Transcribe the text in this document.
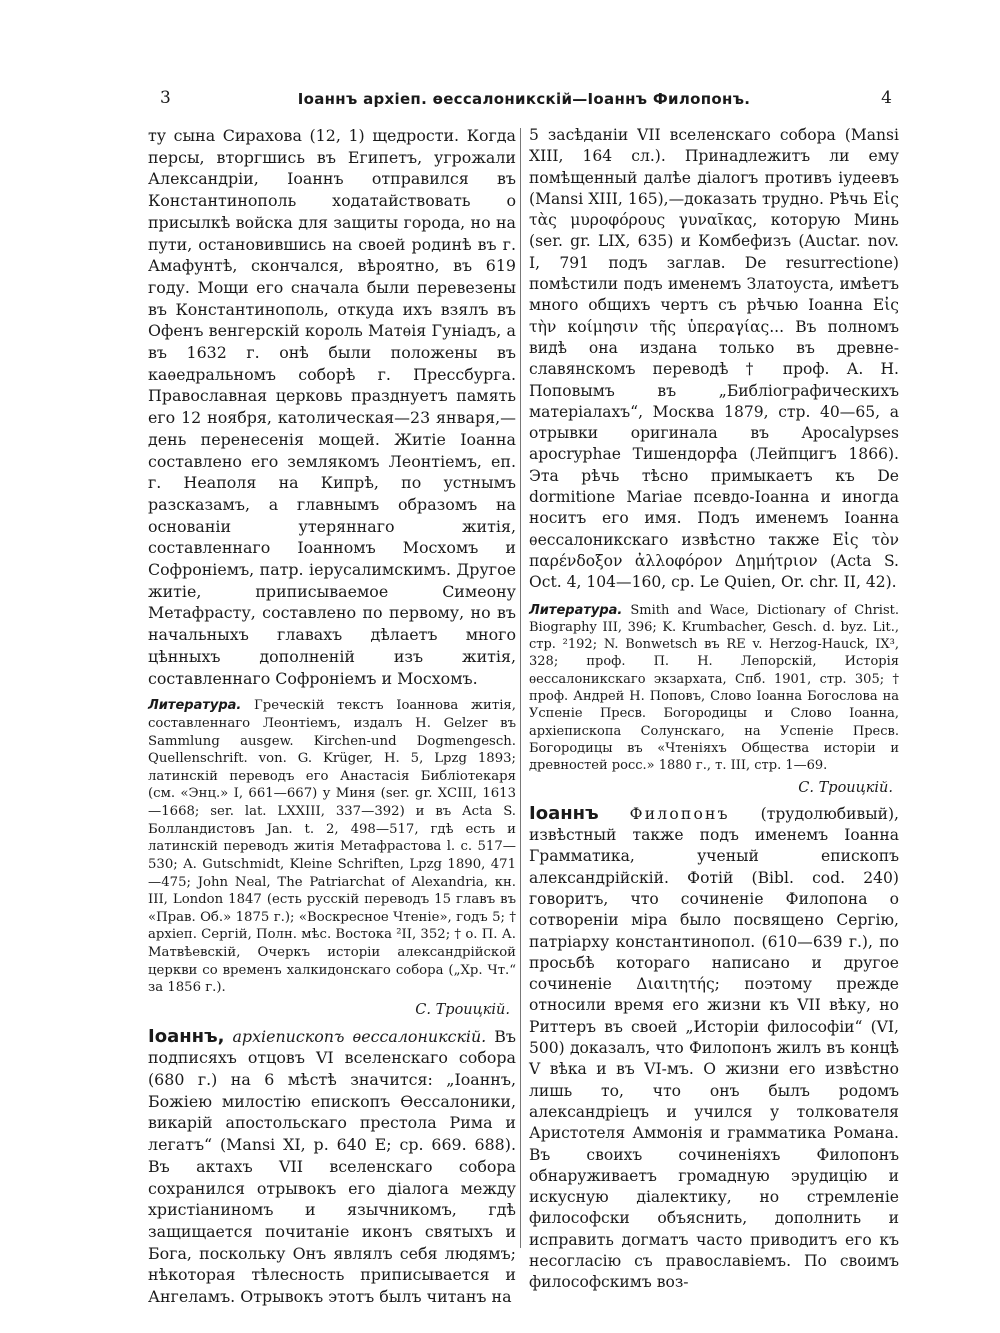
3	Іоаннъ архіеп. ѳессалоникскій—Іоаннъ Филопонъ.	4

ту сына Сирахова (12, 1) щедрости. Когда персы, вторгшись въ Египетъ, угрожали Александріи, Іоаннъ отправился въ Константинополь ходатайствовать о присылкѣ войска для защиты города, но на пути, остановившись на своей родинѣ въ г. Амафунтѣ, скончался, вѣроятно, въ 619 году. Мощи его сначала были перевезены въ Константинополь, откуда ихъ взялъ въ Офенъ венгерскій король Матѳія Гуніадъ, а въ 1632 г. онѣ были положены въ каѳедральномъ соборѣ г. Прессбурга. Православная церковь празднуетъ память его 12 ноября, католическая—23 января,—день перенесенія мощей. Житіе Іоанна составлено его землякомъ Леонтіемъ, еп. г. Неаполя на Кипрѣ, по устнымъ разсказамъ, а главнымъ образомъ на основаніи утеряннаго житія, составленнаго Іоанномъ Мосхомъ и Софроніемъ, патр. іерусалимскимъ. Другое житіе, приписываемое Симеону Метафрасту, составлено по первому, но въ начальныхъ главахъ дѣлаетъ много цѣнныхъ дополненій изъ житія, составленнаго Софроніемъ и Мосхомъ.

Литература. Греческій текстъ Іоаннова житія, составленнаго Леонтіемъ, издалъ H. Gelzer въ Sammlung ausgew. Kirchen-und Dogmengesch. Quellenschrift. von. G. Krüger, H. 5, Lpzg 1893; латинскій переводъ его Анастасія Библіотекаря (см. «Энц.» I, 661—667) у Миня (ser. gr. XCIII, 1613—1668; ser. lat. LXXIII, 337—392) и въ Acta S. Болландистовъ Jan. t. 2, 498—517, гдѣ есть и латинскій переводъ житія Метафрастова l. c. 517—530; A. Gutschmidt, Kleine Schriften, Lpzg 1890, 471—475; John Neal, The Patriarchat of Alexandria, кн. III, London 1847 (есть русскій переводъ 15 главъ въ «Прав. Об.» 1875 г.); «Воскресное Чтеніе», годъ 5; † архіеп. Сергій, Полн. мѣс. Востока ²II, 352; † о. П. А. Матвѣевскій, Очеркъ исторіи александрійской церкви со временъ халкидонскаго собора („Хр. Чт.“ за 1856 г.).

С. Троицкій.

Іоаннъ, архіепископъ ѳессалоникскій. Въ подписяхъ отцовъ VI вселенскаго собора (680 г.) на 6 мѣстѣ значится: „Іоаннъ, Божіею милостію епископъ Ѳессалоники, викарій апостольскаго престола Рима и легатъ“ (Mansi XI, p. 640 E; ср. 669. 688). Въ актахъ VII вселенскаго собора сохранился отрывокъ его діалога между христіаниномъ и язычникомъ, гдѣ защищается почитаніе иконъ святыхъ и Бога, поскольку Онъ являлъ себя людямъ; нѣкоторая тѣлесность приписывается и Ангеламъ. Отрывокъ этотъ былъ читанъ на

5 засѣданіи VII вселенскаго собора (Mansi XIII, 164 сл.). Принадлежитъ ли ему помѣщенный далѣе діалогъ противъ іудеевъ (Mansi XIII, 165),—доказать трудно. Рѣчь Εἰς τὰς μυροφόρους γυναῖκας, которую Минь (ser. gr. LIX, 635) и Комбефизъ (Auctar. nov. I, 791 подъ заглав. De resurrectione) помѣстили подъ именемъ Златоуста, имѣетъ много общихъ чертъ съ рѣчью Іоанна Εἰς τὴν κοίμησιν τῆς ὑπεραγίας... Въ полномъ видѣ она издана только въ древне-славянскомъ переводѣ † проф. А. Н. Поповымъ въ „Библіографическихъ матеріалахъ“, Москва 1879, стр. 40—65, а отрывки оригинала въ Apocalypses apocryphae Тишендорфа (Лейпцигъ 1866). Эта рѣчь тѣсно примыкаетъ къ De dormitione Mariae псевдо-Іоанна и иногда носитъ его имя. Подъ именемъ Іоанна ѳессалоникскаго извѣстно также Εἰς τὸν παρένδοξον ἀλλοφόρον Δημήτριον (Acta S. Oct. 4, 104—160, ср. Le Quien, Or. chr. II, 42).

Литература. Smith and Wace, Dictionary of Christ. Biography III, 396; K. Krumbacher, Gesch. d. byz. Lit., стр. ²192; N. Bonwetsch въ RE v. Herzog-Hauck, IX³, 328; проф. П. Н. Лепорскій, Исторія ѳессалоникскаго экзархата, Спб. 1901, стр. 305; † проф. Андрей Н. Поповъ, Слово Іоанна Богослова на Успеніе Пресв. Богородицы и Слово Іоанна, архіепископа Солунскаго, на Успеніе Пресв. Богородицы въ «Чтеніяхъ Общества исторіи и древностей росс.» 1880 г., т. III, стр. 1—69.

С. Троицкій.

Іоаннъ Филопонъ (трудолюбивый), извѣстный также подъ именемъ Іоанна Грамматика, ученый епископъ александрійскій. Фотій (Bibl. cod. 240) говоритъ, что сочиненіе Филопона о сотвореніи міра было посвящено Сергію, патріарху константинопол. (610—639 г.), по просьбѣ котораго написано и другое сочиненіе Διαιτητής; поэтому прежде относили время его жизни къ VII вѣку, но Риттеръ въ своей „Исторіи философіи“ (VI, 500) доказалъ, что Филопонъ жилъ въ концѣ V вѣка и въ VI-мъ. О жизни его извѣстно лишь то, что онъ былъ родомъ александріецъ и учился у толкователя Аристотеля Аммонія и грамматика Романа. Въ своихъ сочиненіяхъ Филопонъ обнаруживаетъ громадную эрудицію и искусную діалектику, но стремленіе философски объяснить, дополнить и исправить догматъ часто приводитъ его къ несогласію съ православіемъ. По своимъ философскимъ воз-
